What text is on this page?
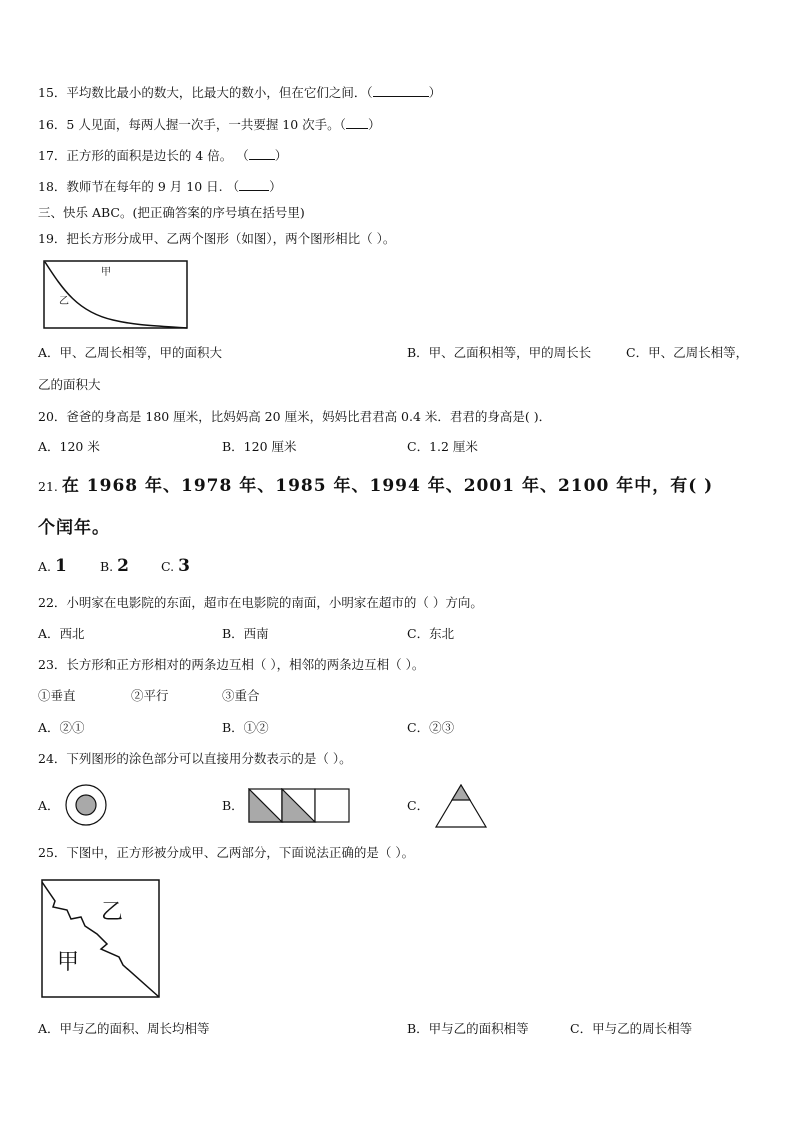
15．平均数比最小的数大，比最大的数小，但在它们之间．（	）
16．5 人见面，每两人握一次手，一共要握 10 次手。（ ）
17．正方形的面积是边长的 4 倍。 （ ）
18．教师节在每年的 9 月 10 日. （ ）
三、快乐 ABC。(把正确答案的序号填在括号里)
19．把长方形分成甲、乙两个图形（如图），两个图形相比（ ）。
甲
乙
A．甲、乙周长相等，甲的面积大	B．甲、乙面积相等，甲的周长长	C．甲、乙周长相等，
乙的面积大
20．爸爸的身高是 180 厘米，比妈妈高 20 厘米，妈妈比君君高 0.4 米．君君的身高是( )．
A．120 米	B．120 厘米	C．1.2 厘米
21. 在 1968 年、1978 年、1985 年、1994 年、2001 年、2100 年中，有( )
个闰年。
A. 1	B. 2 C. 3
22．小明家在电影院的东面，超市在电影院的南面，小明家在超市的（ ）方向。
A．西北	B．西南	C．东北
23．长方形和正方形相对的两条边互相（ ），相邻的两条边互相（ ）。
①垂直	②平行	③重合
A．②①	B．①②	C．②③
24．下列图形的涂色部分可以直接用分数表示的是（ ）。
A．	B．	C．
25．下图中，正方形被分成甲、乙两部分，下面说法正确的是（ ）。
乙
甲
A．甲与乙的面积、周长均相等	B．甲与乙的面积相等	C．甲与乙的周长相等
